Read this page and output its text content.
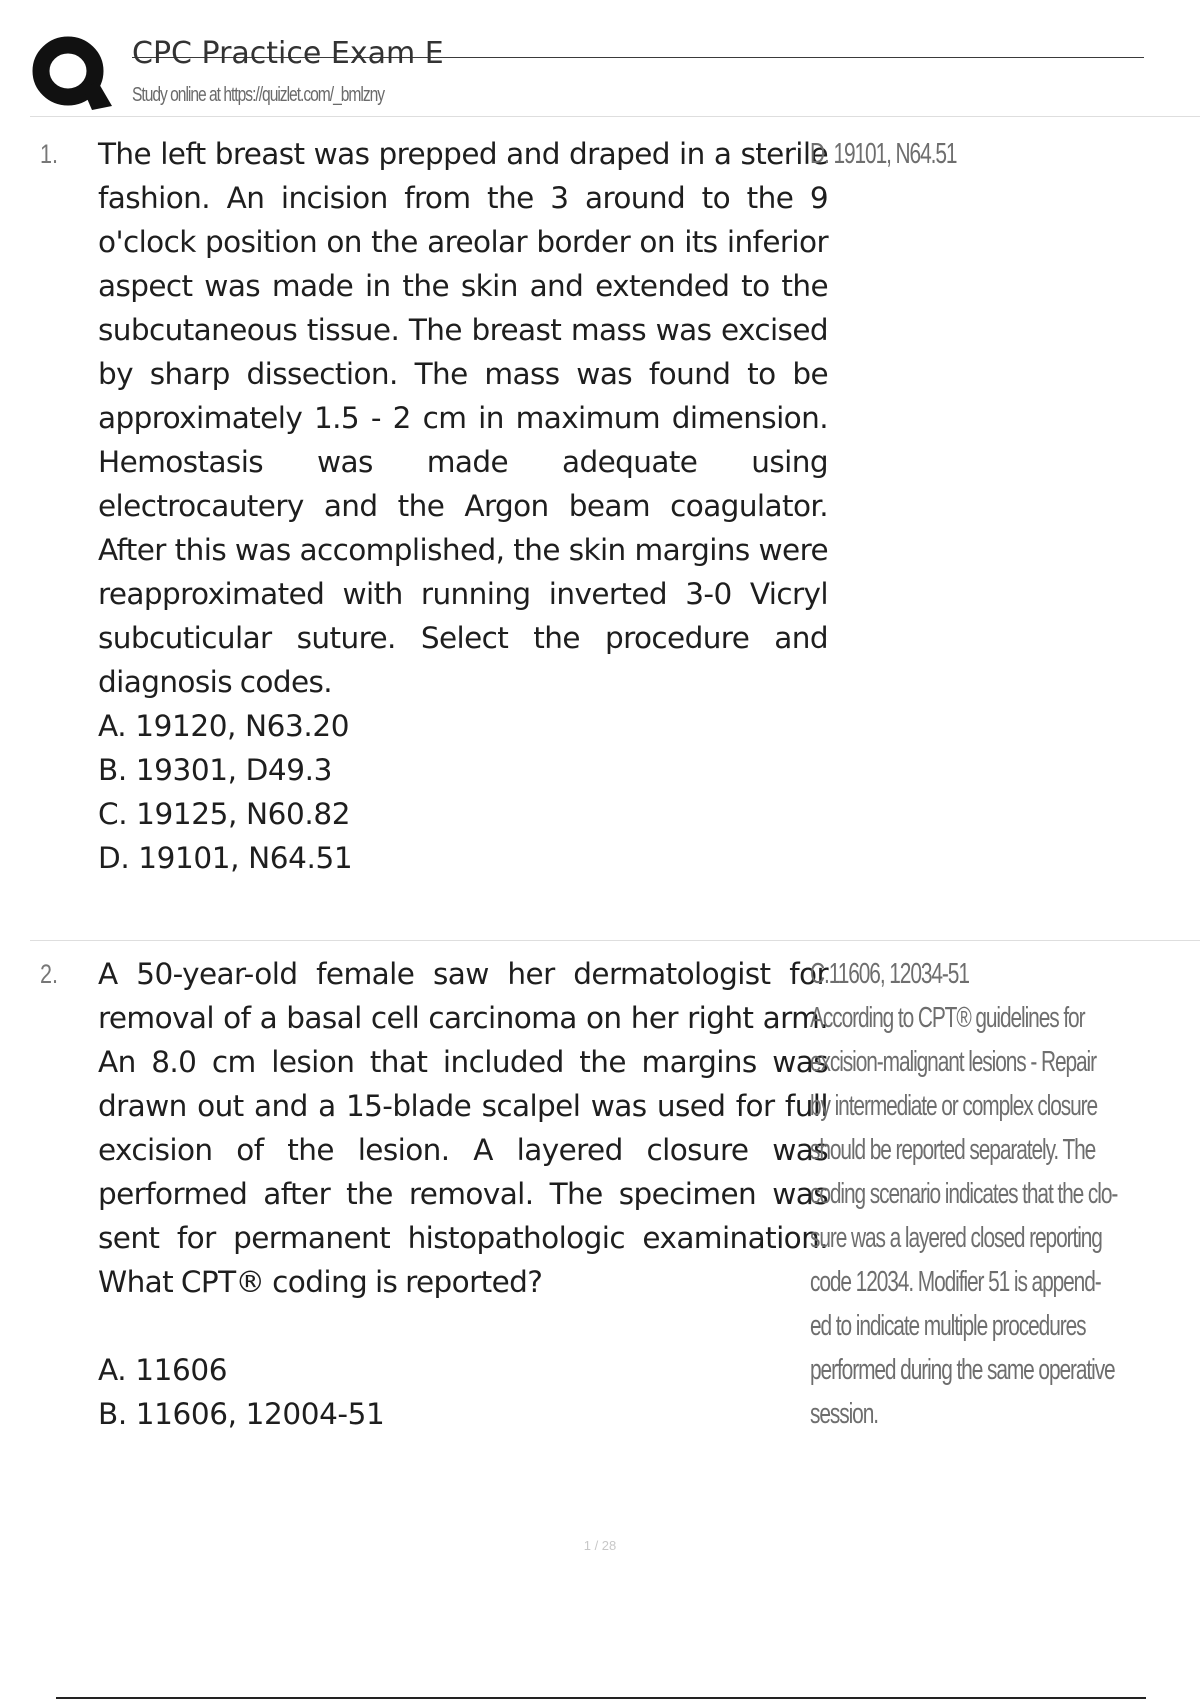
CPC Practice Exam E
Study online at https://quizlet.com/_bmlzny
1. The left breast was prepped and draped in a sterile fashion. An incision from the 3 around to the 9 o'clock position on the areolar border on its inferior aspect was made in the skin and extended to the subcutaneous tissue. The breast mass was excised by sharp dissection. The mass was found to be approximately 1.5 - 2 cm in maximum dimension. Hemostasis was made adequate using electrocautery and the Argon beam coagulator. After this was accomplished, the skin margins were reapproximated with running inverted 3-0 Vicryl subcuticular suture. Select the procedure and diagnosis codes.

A. 19120, N63.20

B. 19301, D49.3

C. 19125, N60.82

D. 19101, N64.51

D. 19101, N64.51

2. A 50-year-old female saw her dermatologist for removal of a basal cell carcinoma on her right arm. An 8.0 cm lesion that included the margins was drawn out and a 15-blade scalpel was used for full excision of the lesion. A layered closure was performed after the removal. The specimen was sent for permanent histopathologic examination. What CPT® coding is reported?

A. 11606

B. 11606, 12004-51

C.11606, 12034-51

According to CPT® guidelines for

excision-malignant lesions - Repair

by intermediate or complex closure

should be reported separately. The

coding scenario indicates that the clo-

sure was a layered closed reporting

code 12034. Modifier 51 is append-

ed to indicate multiple procedures

performed during the same operative

session.

1 / 28
